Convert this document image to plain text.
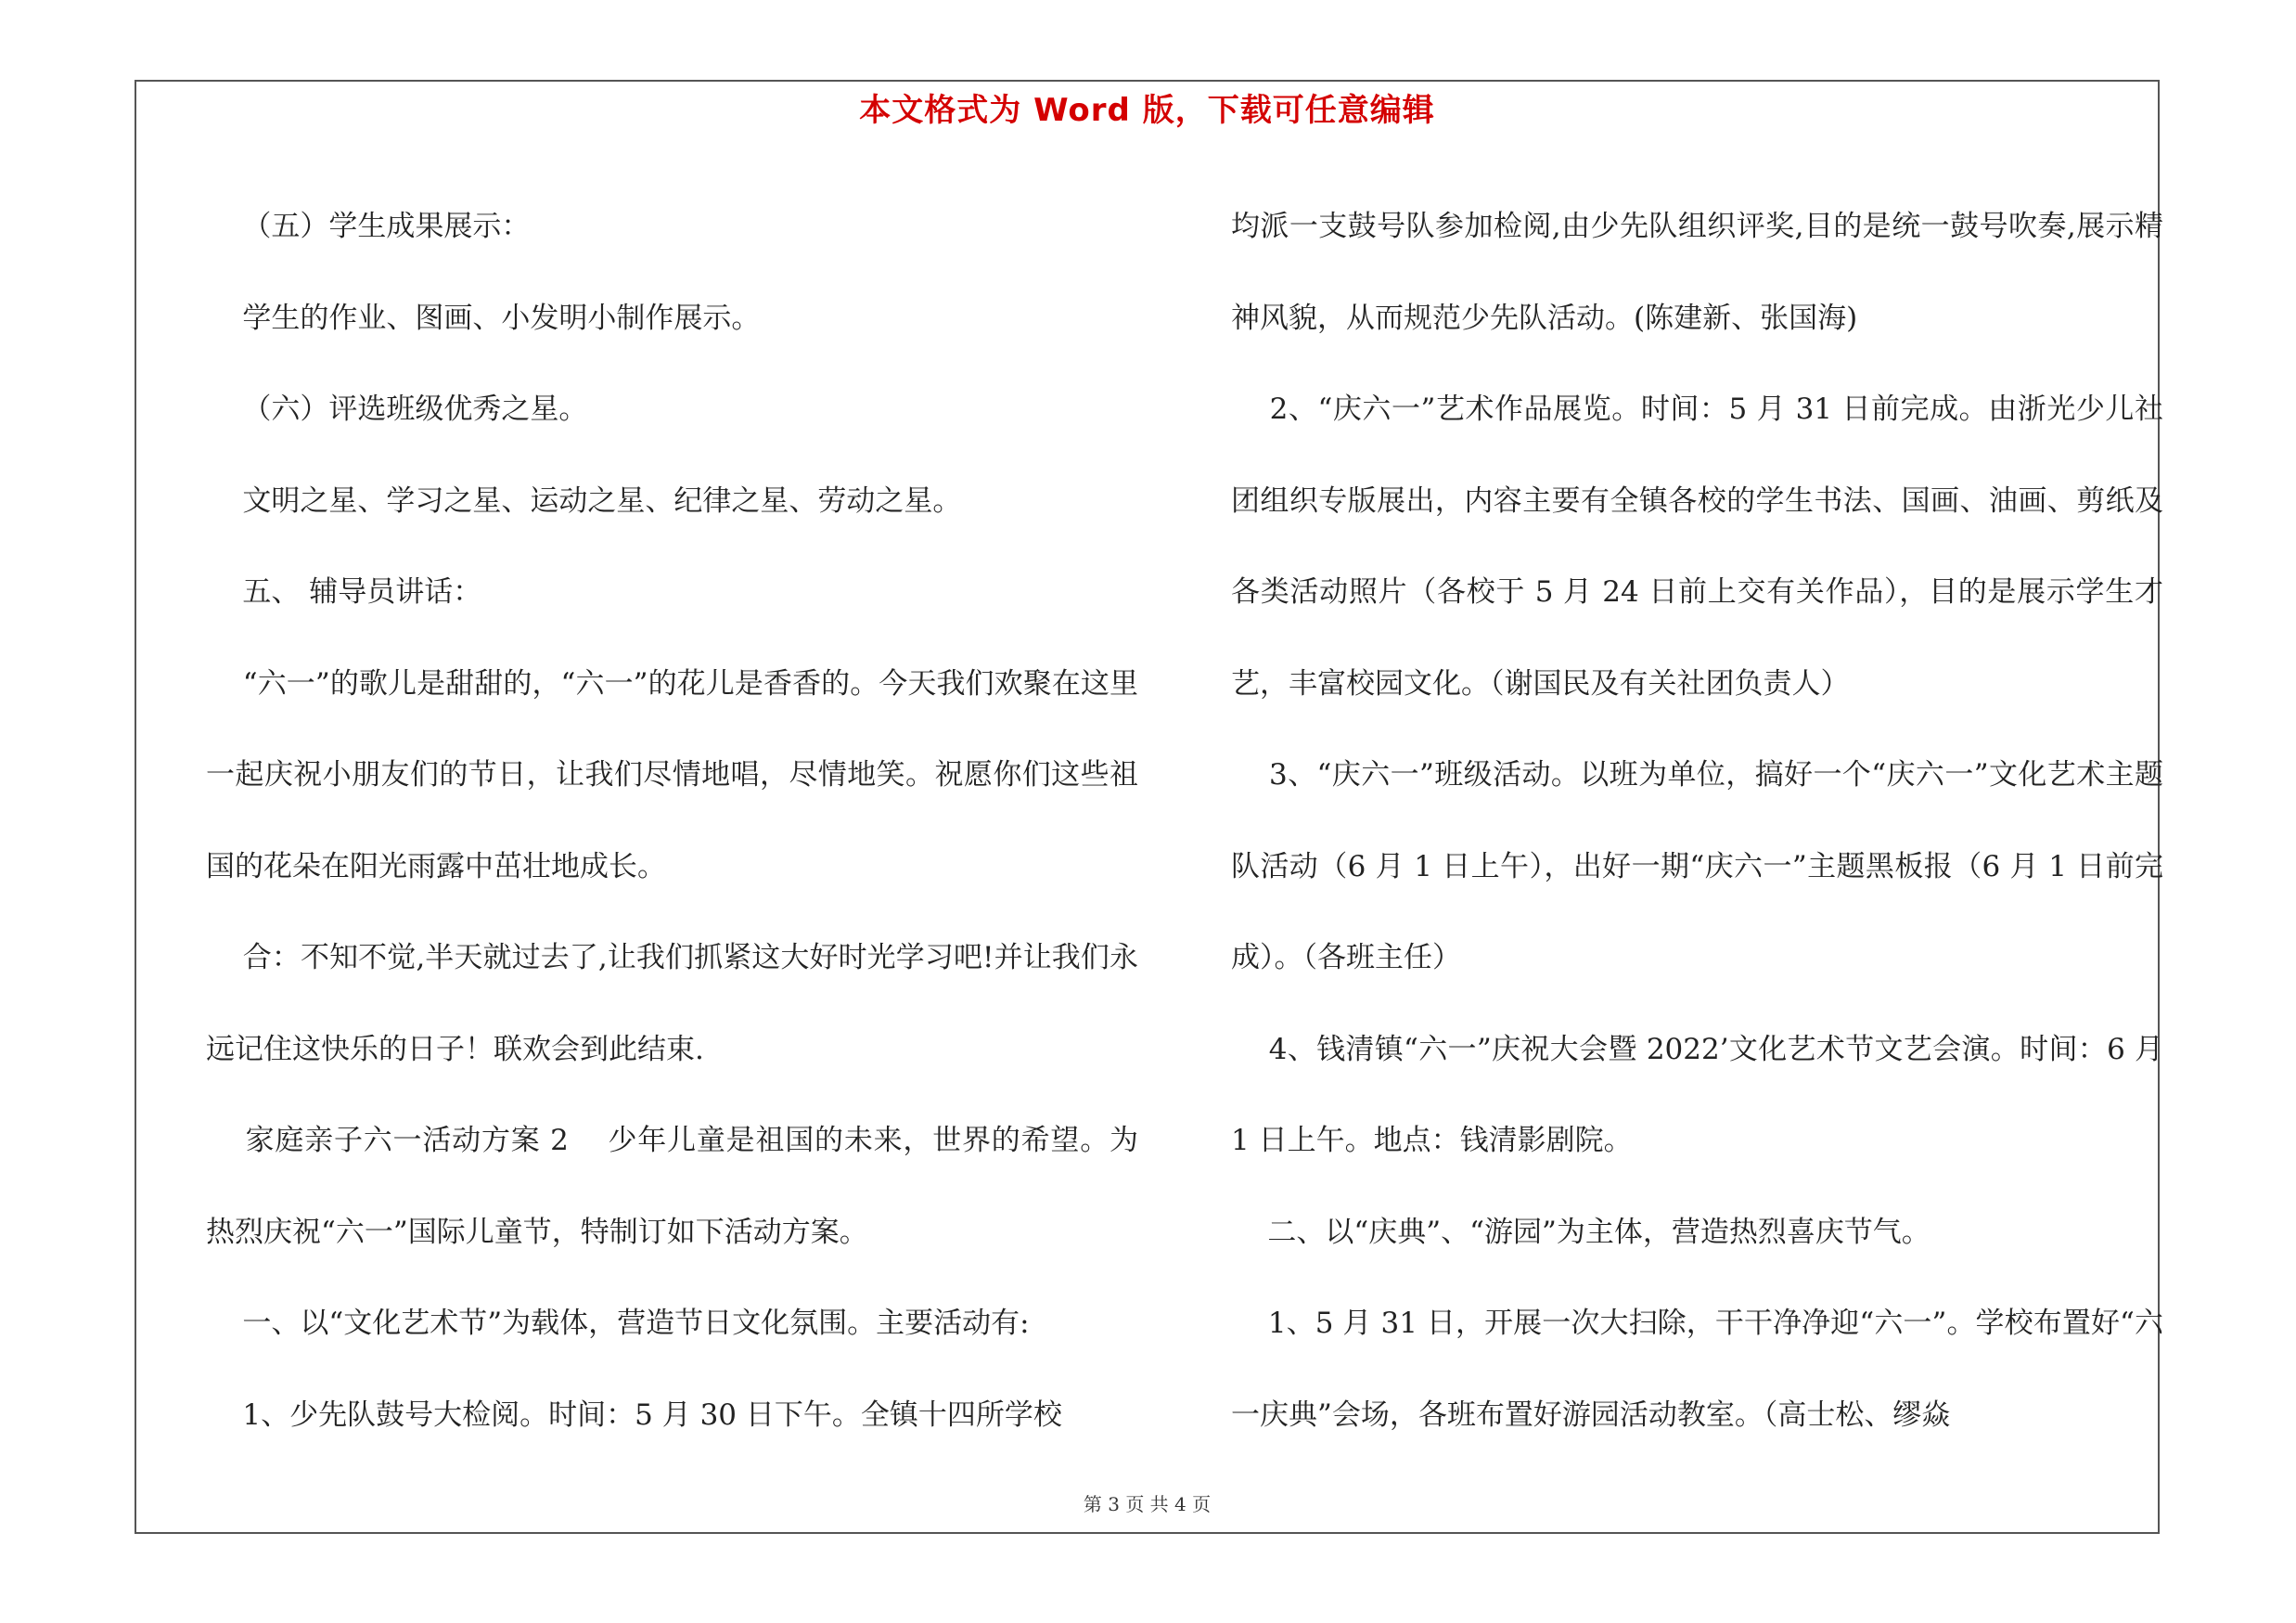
本文格式为 Word 版，下载可任意编辑

（五）学生成果展示：

学生的作业、图画、小发明小制作展示。

（六）评选班级优秀之星。

文明之星、学习之星、运动之星、纪律之星、劳动之星。

五、 辅导员讲话：

“六一”的歌儿是甜甜的，“六一”的花儿是香香的。今天我们欢聚在这里一起庆祝小朋友们的节日，让我们尽情地唱，尽情地笑。祝愿你们这些祖国的花朵在阳光雨露中茁壮地成长。

合：不知不觉,半天就过去了,让我们抓紧这大好时光学习吧!并让我们永远记住这快乐的日子！联欢会到此结束.

家庭亲子六一活动方案 2    少年儿童是祖国的未来，世界的希望。为热烈庆祝“六一”国际儿童节，特制订如下活动方案。

一、以“文化艺术节”为载体，营造节日文化氛围。主要活动有:

1、少先队鼓号大检阅。时间：5 月 30 日下午。全镇十四所学校

均派一支鼓号队参加检阅,由少先队组织评奖,目的是统一鼓号吹奏,展示精神风貌，从而规范少先队活动。(陈建新、张国海)

2、“庆六一”艺术作品展览。时间：5 月 31 日前完成。由浙光少儿社团组织专版展出，内容主要有全镇各校的学生书法、国画、油画、剪纸及各类活动照片（各校于 5 月 24 日前上交有关作品），目的是展示学生才艺，丰富校园文化。（谢国民及有关社团负责人）

3、“庆六一”班级活动。以班为单位，搞好一个“庆六一”文化艺术主题队活动（6 月 1 日上午），出好一期“庆六一”主题黑板报（6 月 1 日前完成）。（各班主任）

4、钱清镇“六一”庆祝大会暨 2022’文化艺术节文艺会演。时间：6 月 1 日上午。地点：钱清影剧院。

二、以“庆典”、“游园”为主体，营造热烈喜庆节气。

1、5 月 31 日，开展一次大扫除，干干净净迎“六一”。学校布置好“六一庆典”会场，各班布置好游园活动教室。（高士松、缪焱

第 3 页 共 4 页
